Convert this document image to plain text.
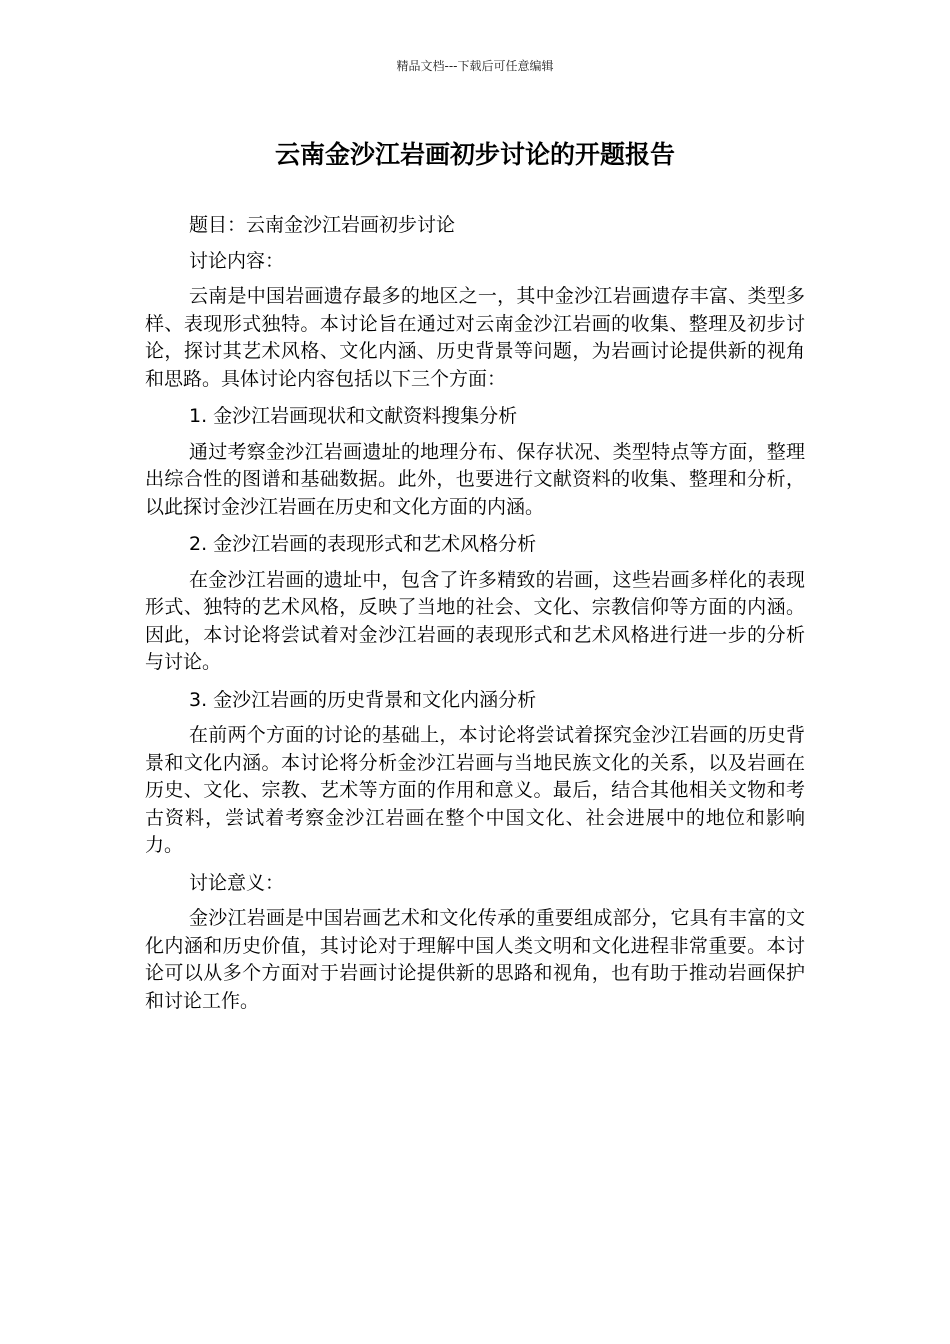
精品文档---下载后可任意编辑
云南金沙江岩画初步讨论的开题报告

题目：云南金沙江岩画初步讨论

讨论内容：

云南是中国岩画遗存最多的地区之一，其中金沙江岩画遗存丰富、类型多样、表现形式独特。本讨论旨在通过对云南金沙江岩画的收集、整理及初步讨论，探讨其艺术风格、文化内涵、历史背景等问题，为岩画讨论提供新的视角和思路。具体讨论内容包括以下三个方面：

1. 金沙江岩画现状和文献资料搜集分析

通过考察金沙江岩画遗址的地理分布、保存状况、类型特点等方面，整理出综合性的图谱和基础数据。此外，也要进行文献资料的收集、整理和分析，以此探讨金沙江岩画在历史和文化方面的内涵。

2. 金沙江岩画的表现形式和艺术风格分析

在金沙江岩画的遗址中，包含了许多精致的岩画，这些岩画多样化的表现形式、独特的艺术风格，反映了当地的社会、文化、宗教信仰等方面的内涵。因此，本讨论将尝试着对金沙江岩画的表现形式和艺术风格进行进一步的分析与讨论。

3. 金沙江岩画的历史背景和文化内涵分析

在前两个方面的讨论的基础上，本讨论将尝试着探究金沙江岩画的历史背景和文化内涵。本讨论将分析金沙江岩画与当地民族文化的关系，以及岩画在历史、文化、宗教、艺术等方面的作用和意义。最后，结合其他相关文物和考古资料，尝试着考察金沙江岩画在整个中国文化、社会进展中的地位和影响力。

讨论意义：

金沙江岩画是中国岩画艺术和文化传承的重要组成部分，它具有丰富的文化内涵和历史价值，其讨论对于理解中国人类文明和文化进程非常重要。本讨论可以从多个方面对于岩画讨论提供新的思路和视角，也有助于推动岩画保护和讨论工作。
